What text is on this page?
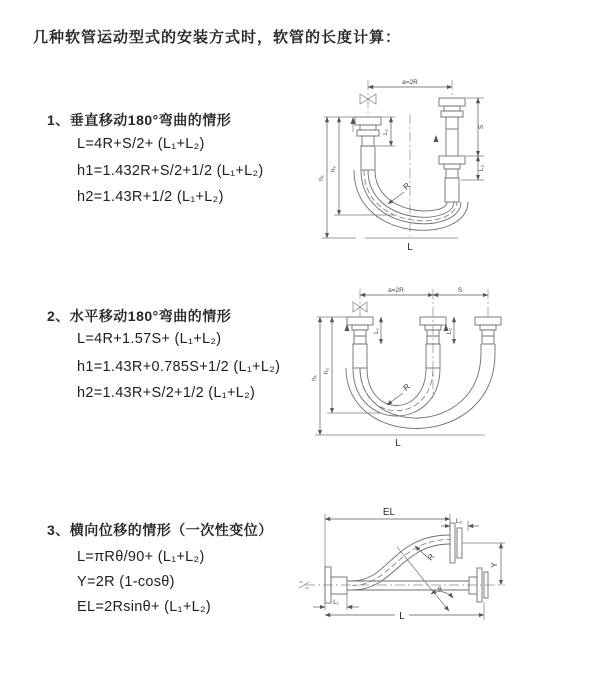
几种软管运动型式的安装方式时，软管的长度计算：
1、垂直移动180°弯曲的情形
L=4R+S/2+ (L₁+L₂)
h1=1.432R+S/2+1/2 (L₁+L₂)
h2=1.43R+1/2 (L₁+L₂)
a=2R
L₁
S
L₂
R
h₁
h₂
L
2、水平移动180°弯曲的情形
L=4R+1.57S+ (L₁+L₂)
h1=1.43R+0.785S+1/2 (L₁+L₂)
h2=1.43R+S/2+1/2 (L₁+L₂)
a=2R	S
L₁	L₂
R
h₁
h₂
L
3、横向位移的情形（一次性变位）
L=πRθ/90+ (L₁+L₂)
Y=2R (1-cosθ)
EL=2Rsinθ+ (L₁+L₂)
EL
L₂
θ
R
Y
L₁
L
